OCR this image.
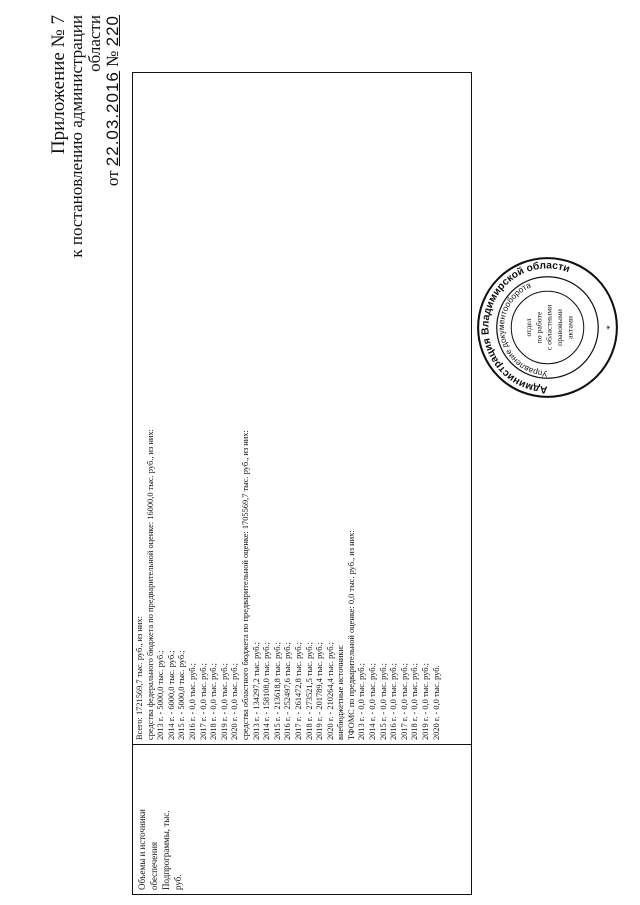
Приложение № 7
к постановлению администрации области
от 22.03.2016 № 220
Объемы и источники обеспечения Подпрограммы, тыс. руб.
Всего: 1721569,7 тыс. руб., из них: средства федерального бюджета по предварительной оценке: 16000,0 тыс. руб., из них: 2013 г. - 5000,0 тыс. руб.; 2014 г. - 6000,0 тыс. руб.; 2015 г. - 5000,0 тыс. руб.; 2016 г. - 0,0 тыс. руб.; 2017 г. - 0,0 тыс. руб.; 2018 г. - 0,0 тыс. руб.; 2019 г. - 0,0 тыс. руб.; 2020 г. - 0,0 тыс. руб.; средства областного бюджета по предварительной оценке: 1705569,7 тыс. руб., из них: 2013 г. - 134297,2 тыс. руб.; 2014 г. - 158108,0 тыс. руб.; 2015 г. - 213618,8 тыс. руб.; 2016 г. - 252497,6 тыс. руб.; 2017 г. - 261472,8 тыс. руб.; 2018 г. - 273521,5 тыс. руб.; 2019 г. - 201789,4 тыс. руб.; 2020 г. - 210264,4 тыс. руб.; внебюджетные источники: ТФОМС по предварительной оценке: 0,0 тыс. руб., из них: 2013 г. - 0,0 тыс. руб.; 2014 г. - 0,0 тыс. руб.; 2015 г. - 0,0 тыс. руб.; 2016 г. - 0,0 тыс. руб.; 2017 г. - 0,0 тыс. руб.; 2018 г. - 0,0 тыс. руб.; 2019 г. - 0,0 тыс. руб.; 2020 г. - 0,0 тыс. руб.
Администрация Владимирской области
Управление документооборота
*
отдел по работе с областными правовыми актами
